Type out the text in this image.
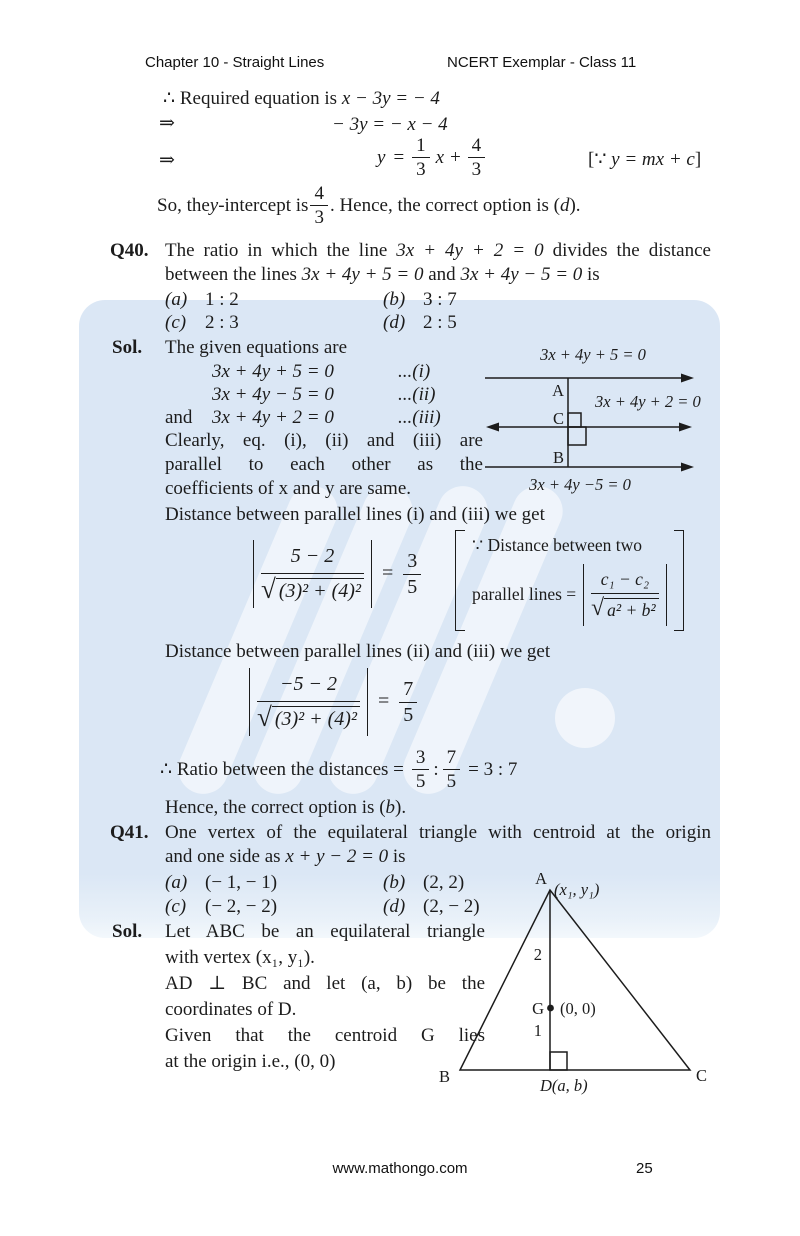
Chapter 10 - Straight Lines	NCERT Exemplar - Class 11
∴ Required equation is x − 3y = − 4
⇒	− 3y = − x − 4
⇒	$y = \frac{1}{3}$ $x + \frac{4}{3}$	[∵ y = mx + c]
So, the y -intercept is $\frac{4}{3}$ . Hence, the correct option is ( d ).
Q40. The ratio in which the line 3x + 4y + 2 = 0 divides the distance
between the lines 3x + 4y + 5 = 0 and 3x + 4y − 5 = 0 is
(a) 1 : 2	(b) 3 : 7
(c) 2 : 3	(d) 2 : 5
Sol. The given equations are
3x + 4y + 5 = 0	...(i)
3x + 4y − 5 = 0	...(ii)
and	3x + 4y + 2 = 0	...(iii)
Clearly, eq. (i), (ii) and (iii) are
parallel to each other as the
coefficients of x and y are same.
3x + 4y + 5 = 0
A
3x + 4y + 2 = 0
C
B
3x + 4y −5 = 0
Distance between parallel lines (i) and (iii) we get
5 − 2
√ (3)² + (4)²
= $\frac{3}{5}$
∵ Distance between two
parallel lines =
c₁ − c₂
√ a² + b²
Distance between parallel lines (ii) and (iii) we get
−5 − 2
√ (3)² + (4)²
= $\frac{7}{5}$
∴ Ratio between the distances = $\frac{3}{5}$ : $\frac{7}{5} = 3$ : 7
Hence, the correct option is (b).
Q41. One vertex of the equilateral triangle with centroid at the origin
and one side as x + y − 2 = 0 is
(a) (− 1, − 1)	(b) (2, 2)
(c) (− 2, − 2)	(d) (2, − 2)
Sol. Let ABC be an equilateral triangle
with vertex (x₁, y₁).
AD ⊥ BC and let (a, b) be the
coordinates of D.
Given that the centroid G lies
at the origin i.e., (0, 0)
A
(x₁, y₁)
2
G (0, 0)
1
B	C
D(a, b)
www.mathongo.com	25
